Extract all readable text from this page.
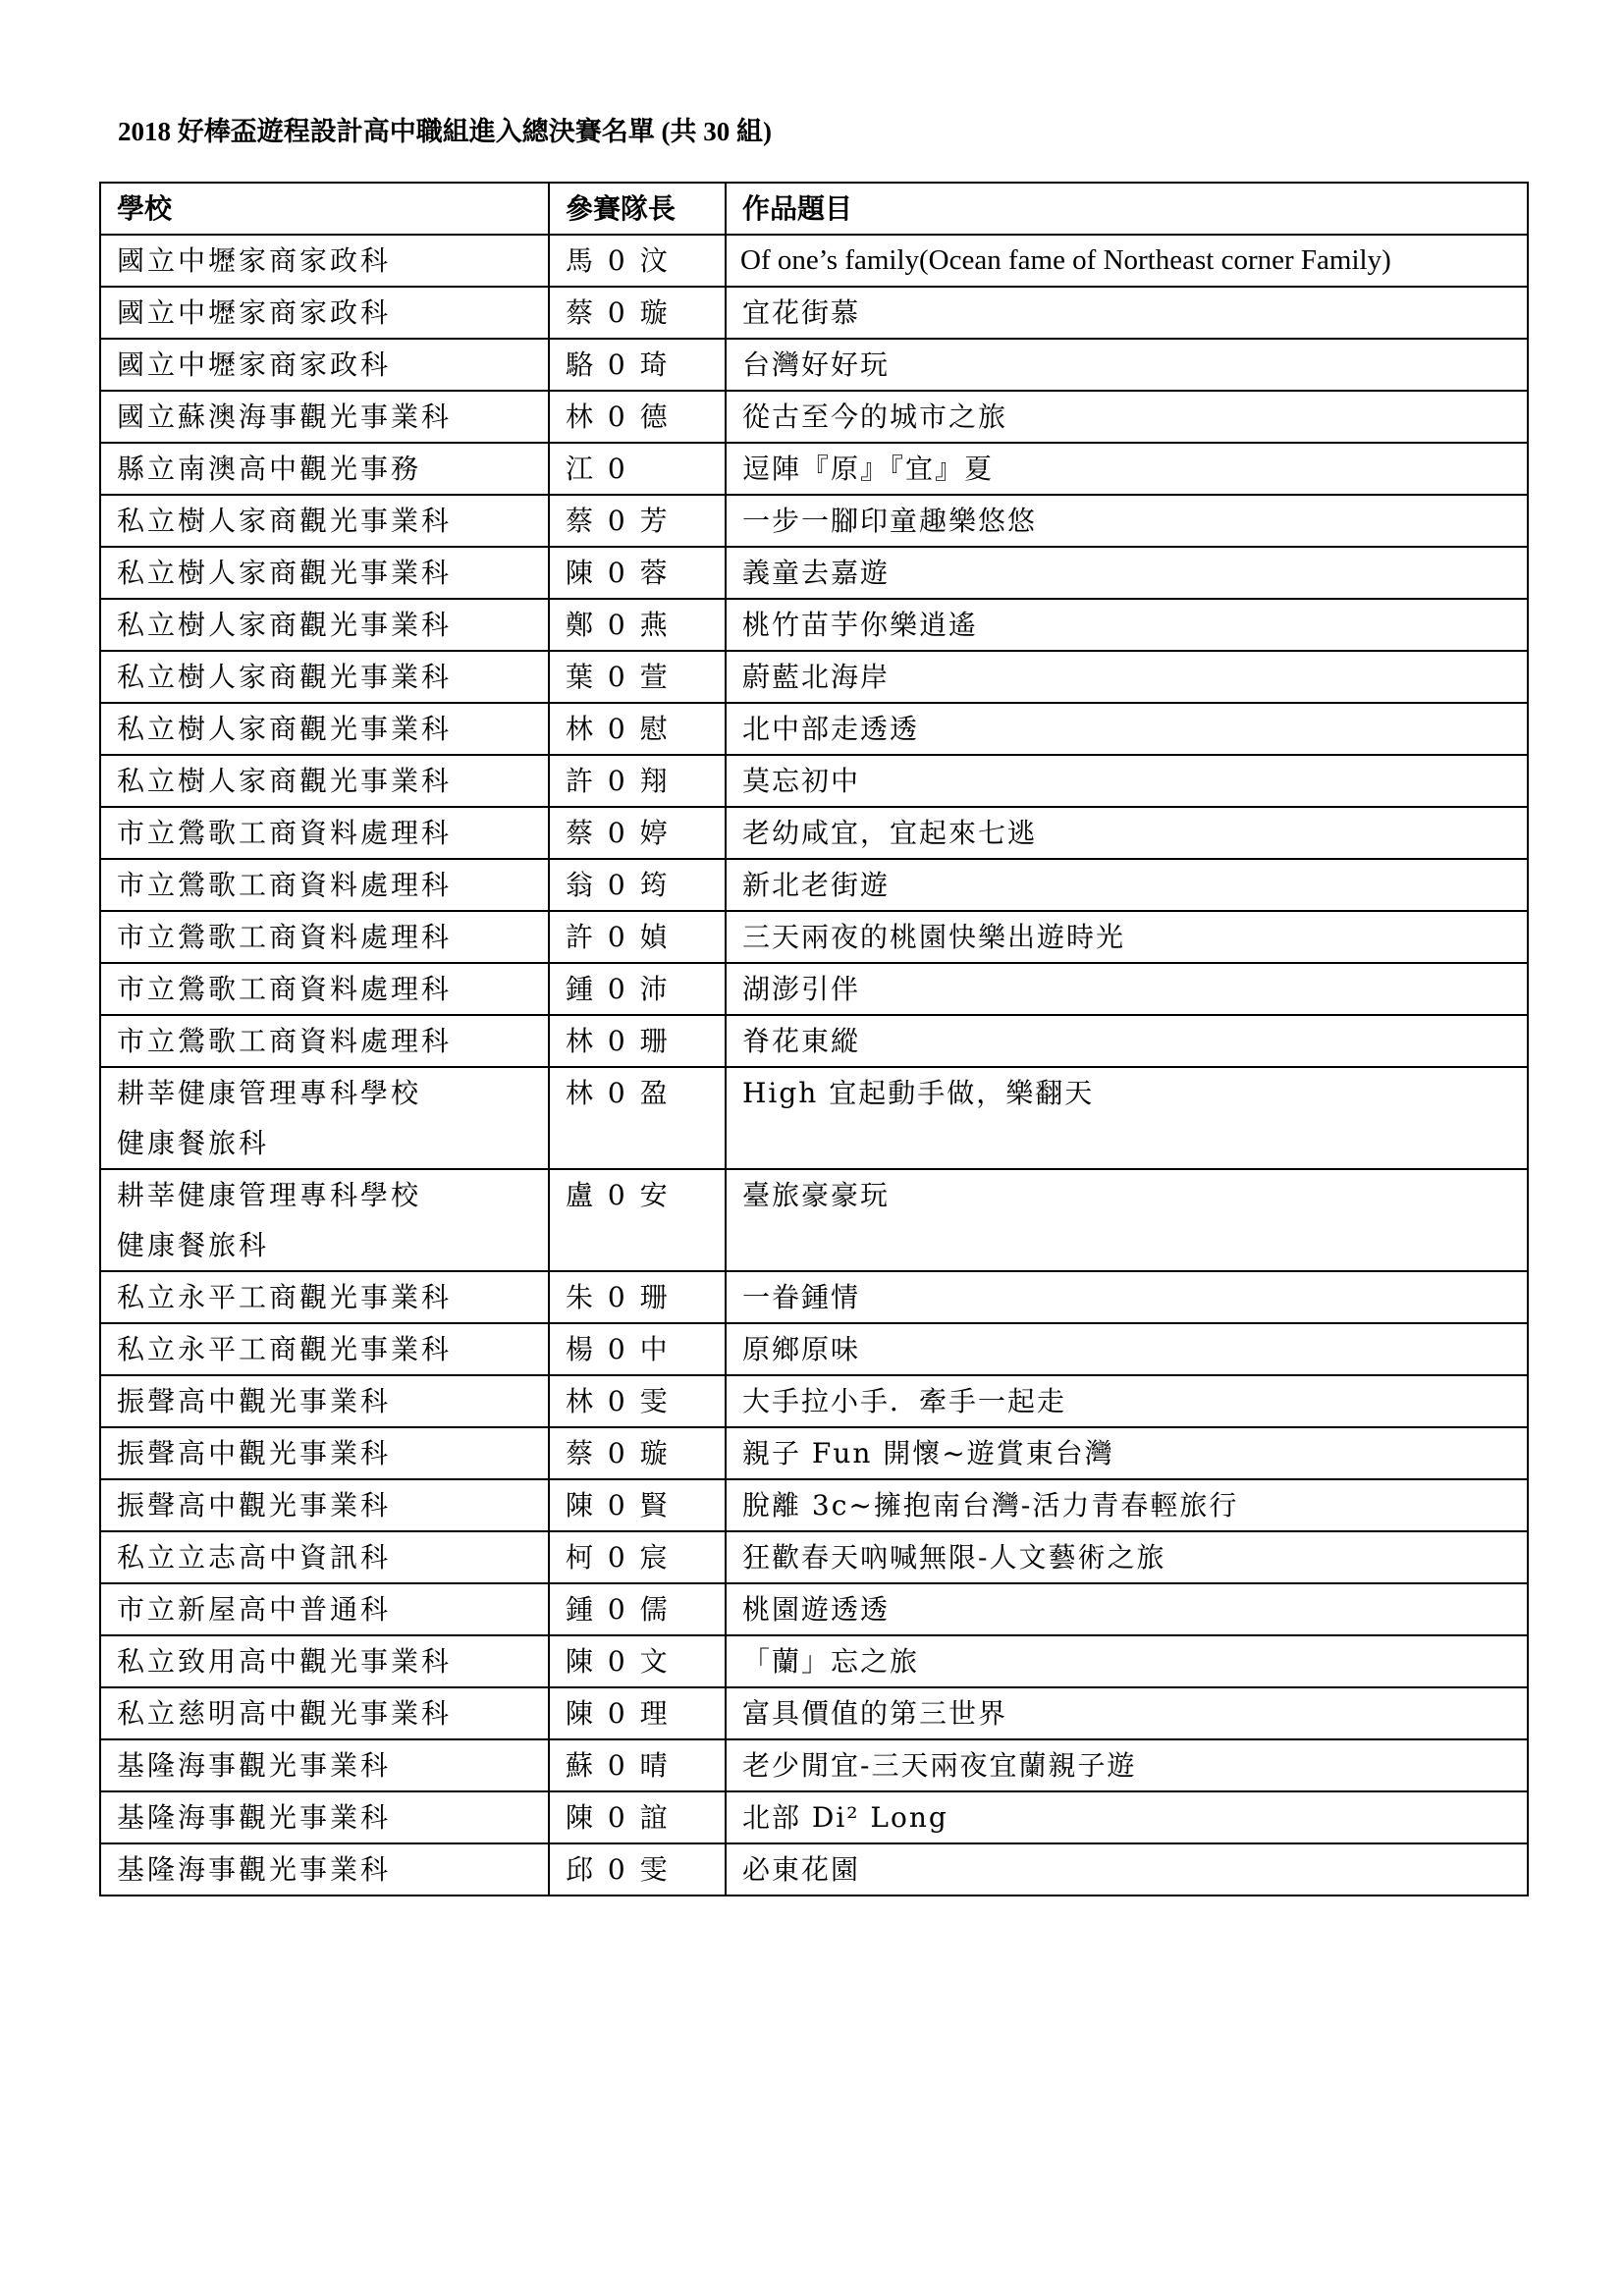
2018 好棒盃遊程設計高中職組進入總決賽名單 (共 30 組)
學校	參賽隊長	作品題目
國立中壢家商家政科	馬 0 汶	Of one’s family(Ocean fame of Northeast corner Family)
國立中壢家商家政科	蔡 0 璇	宜花街慕
國立中壢家商家政科	駱 0 琦	台灣好好玩
國立蘇澳海事觀光事業科	林 0 德	從古至今的城市之旅
縣立南澳高中觀光事務	江 0	逗陣『原』『宜』夏
私立樹人家商觀光事業科	蔡 0 芳	一步一腳印童趣樂悠悠
私立樹人家商觀光事業科	陳 0 蓉	義童去嘉遊
私立樹人家商觀光事業科	鄭 0 燕	桃竹苗芋你樂逍遙
私立樹人家商觀光事業科	葉 0 萱	蔚藍北海岸
私立樹人家商觀光事業科	林 0 慰	北中部走透透
私立樹人家商觀光事業科	許 0 翔	莫忘初中
市立鶯歌工商資料處理科	蔡 0 婷	老幼咸宜，宜起來七逃
市立鶯歌工商資料處理科	翁 0 筠	新北老街遊
市立鶯歌工商資料處理科	許 0 媜	三天兩夜的桃園快樂出遊時光
市立鶯歌工商資料處理科	鍾 0 沛	湖澎引伴
市立鶯歌工商資料處理科	林 0 珊	脊花東縱
耕莘健康管理專科學校
健康餐旅科	林 0 盈	High 宜起動手做，樂翻天
耕莘健康管理專科學校
健康餐旅科	盧 0 安	臺旅豪豪玩
私立永平工商觀光事業科	朱 0 珊	一眷鍾情
私立永平工商觀光事業科	楊 0 中	原鄉原味
振聲高中觀光事業科	林 0 雯	大手拉小手．牽手一起走
振聲高中觀光事業科	蔡 0 璇	親子 Fun 開懷~遊賞東台灣
振聲高中觀光事業科	陳 0 賢	脫離 3c~擁抱南台灣-活力青春輕旅行
私立立志高中資訊科	柯 0 宸	狂歡春天吶喊無限-人文藝術之旅
市立新屋高中普通科	鍾 0 儒	桃園遊透透
私立致用高中觀光事業科	陳 0 文	「蘭」忘之旅
私立慈明高中觀光事業科	陳 0 理	富具價值的第三世界
基隆海事觀光事業科	蘇 0 晴	老少閒宜-三天兩夜宜蘭親子遊
基隆海事觀光事業科	陳 0 誼	北部 Di² Long
基隆海事觀光事業科	邱 0 雯	必東花園
